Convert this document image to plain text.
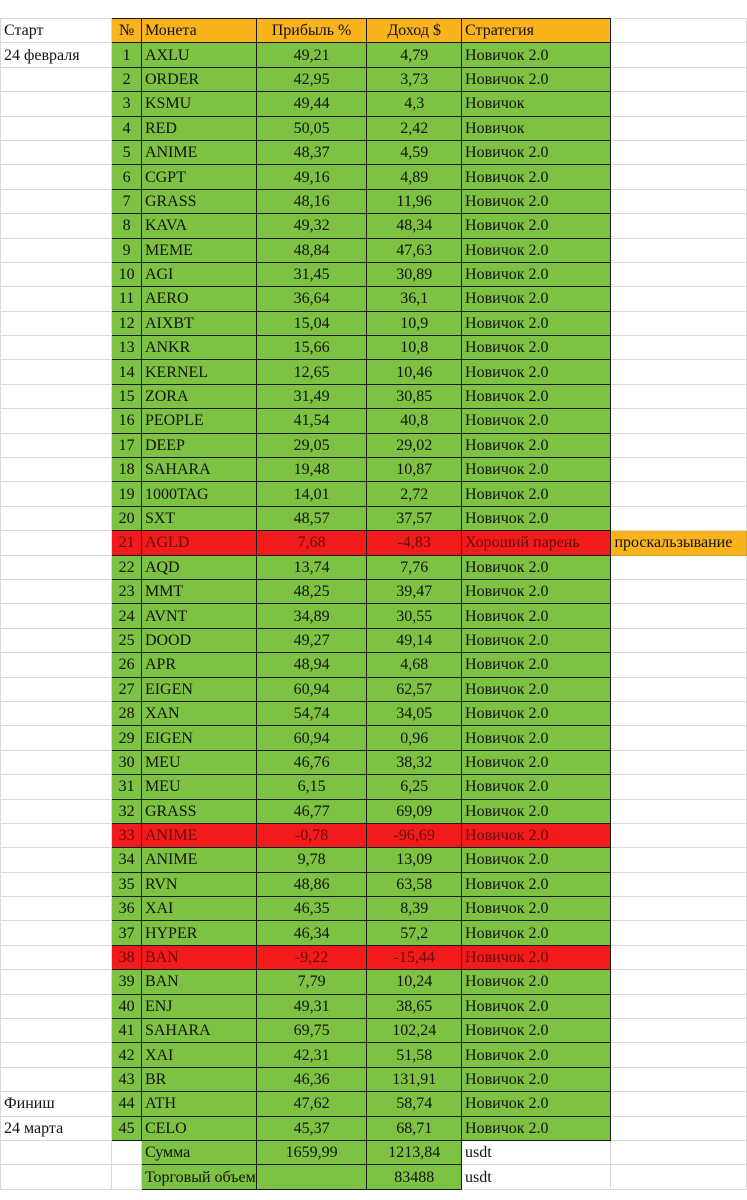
Старт	№	Монета	Прибыль %	Доход $	Стратегия	
24 февраля	1	AXLU	49,21	4,79	Новичок 2.0	
	2	ORDER	42,95	3,73	Новичок 2.0	
	3	KSMU	49,44	4,3	Новичок	
	4	RED	50,05	2,42	Новичок	
	5	ANIME	48,37	4,59	Новичок 2.0	
	6	CGPT	49,16	4,89	Новичок 2.0	
	7	GRASS	48,16	11,96	Новичок 2.0	
	8	KAVA	49,32	48,34	Новичок 2.0	
	9	MEME	48,84	47,63	Новичок 2.0	
	10	AGI	31,45	30,89	Новичок 2.0	
	11	AERO	36,64	36,1	Новичок 2.0	
	12	AIXBT	15,04	10,9	Новичок 2.0	
	13	ANKR	15,66	10,8	Новичок 2.0	
	14	KERNEL	12,65	10,46	Новичок 2.0	
	15	ZORA	31,49	30,85	Новичок 2.0	
	16	PEOPLE	41,54	40,8	Новичок 2.0	
	17	DEEP	29,05	29,02	Новичок 2.0	
	18	SAHARA	19,48	10,87	Новичок 2.0	
	19	1000TAG	14,01	2,72	Новичок 2.0	
	20	SXT	48,57	37,57	Новичок 2.0	
	21	AGLD	7,68	-4,83	Хороший парень	проскальзывание
	22	AQD	13,74	7,76	Новичок 2.0	
	23	MMT	48,25	39,47	Новичок 2.0	
	24	AVNT	34,89	30,55	Новичок 2.0	
	25	DOOD	49,27	49,14	Новичок 2.0	
	26	APR	48,94	4,68	Новичок 2.0	
	27	EIGEN	60,94	62,57	Новичок 2.0	
	28	XAN	54,74	34,05	Новичок 2.0	
	29	EIGEN	60,94	0,96	Новичок 2.0	
	30	MEU	46,76	38,32	Новичок 2.0	
	31	MEU	6,15	6,25	Новичок 2.0	
	32	GRASS	46,77	69,09	Новичок 2.0	
	33	ANIME	-0,78	-96,69	Новичок 2.0	
	34	ANIME	9,78	13,09	Новичок 2.0	
	35	RVN	48,86	63,58	Новичок 2.0	
	36	XAI	46,35	8,39	Новичок 2.0	
	37	HYPER	46,34	57,2	Новичок 2.0	
	38	BAN	-9,22	-15,44	Новичок 2.0	
	39	BAN	7,79	10,24	Новичок 2.0	
	40	ENJ	49,31	38,65	Новичок 2.0	
	41	SAHARA	69,75	102,24	Новичок 2.0	
	42	XAI	42,31	51,58	Новичок 2.0	
	43	BR	46,36	131,91	Новичок 2.0	
Финиш	44	ATH	47,62	58,74	Новичок 2.0	
24 марта	45	CELO	45,37	68,71	Новичок 2.0	
		Сумма	1659,99	1213,84	usdt	
		Торговый объем		83488	usdt	
